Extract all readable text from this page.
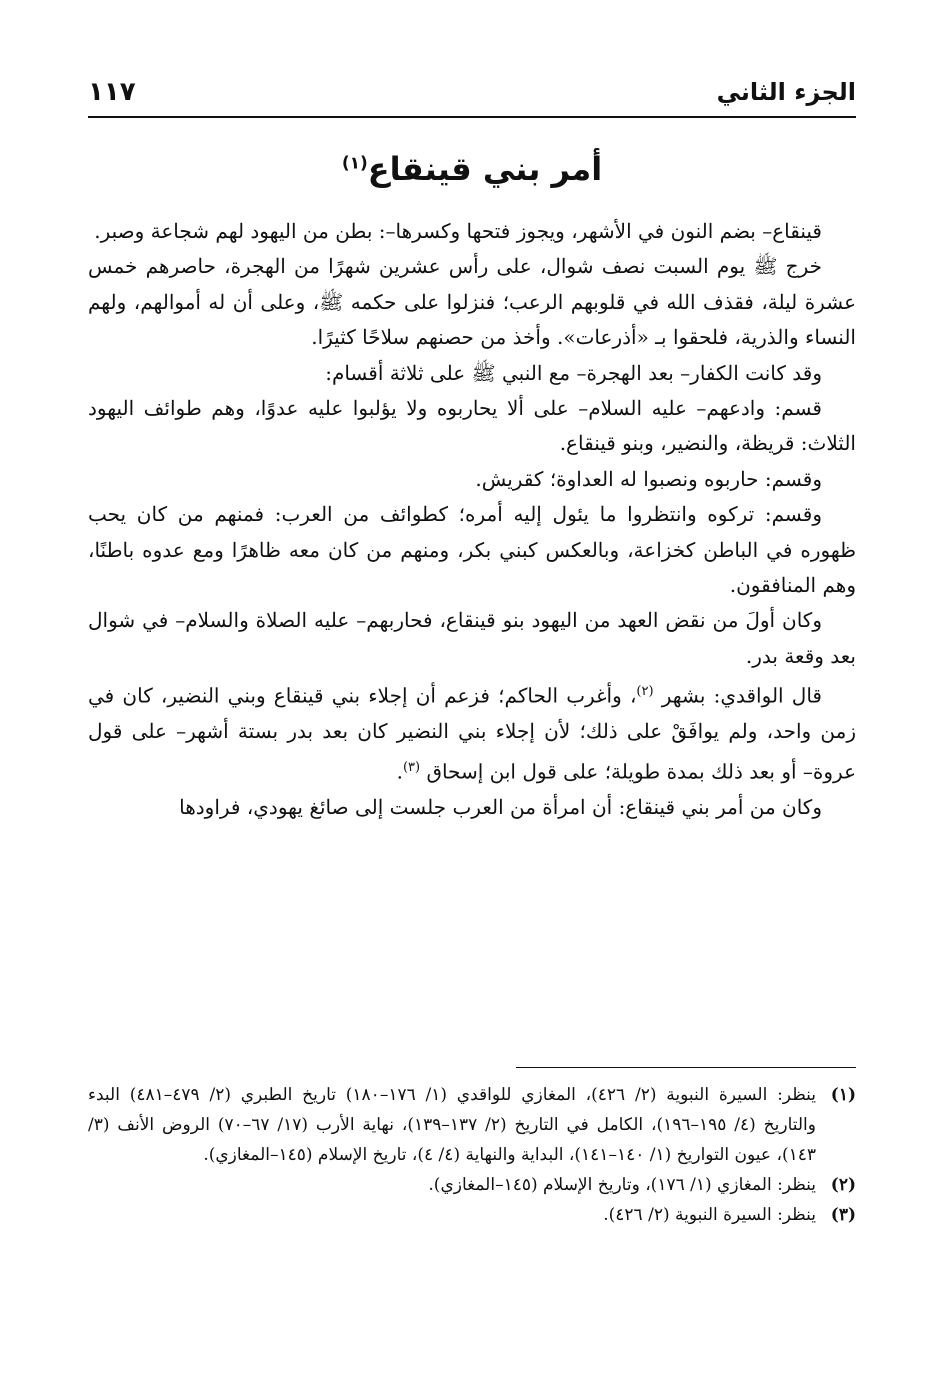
الجزء الثاني
١١٧
أمر بني قينقاع$^{(١)}$

قينقاع– بضم النون في الأشهر، ويجوز فتحها وكسرها–: بطن من اليهود لهم شجاعة وصبر.

خرج ﷺ يوم السبت نصف شوال، على رأس عشرين شهرًا من الهجرة، حاصرهم خمس عشرة ليلة، فقذف الله في قلوبهم الرعب؛ فنزلوا على حكمه ﷺ، وعلى أن له أموالهم، ولهم النساء والذرية، فلحقوا بـ «أذرعات». وأخذ من حصنهم سلاحًا كثيرًا.

وقد كانت الكفار– بعد الهجرة– مع النبي ﷺ على ثلاثة أقسام:

قسم: وادعهم– عليه السلام– على ألا يحاربوه ولا يؤلبوا عليه عدوًا، وهم طوائف اليهود الثلاث: قريظة، والنضير، وبنو قينقاع.

وقسم: حاربوه ونصبوا له العداوة؛ كقريش.

وقسم: تركوه وانتظروا ما يئول إليه أمره؛ كطوائف من العرب: فمنهم من كان يحب ظهوره في الباطن كخزاعة، وبالعكس كبني بكر، ومنهم من كان معه ظاهرًا ومع عدوه باطنًا، وهم المنافقون.

وكان أولَ من نقض العهد من اليهود بنو قينقاع، فحاربهم– عليه الصلاة والسلام– في شوال بعد وقعة بدر.

قال الواقدي: بشهر $^{(٢)}$، وأغرب الحاكم؛ فزعم أن إجلاء بني قينقاع وبني النضير، كان في زمن واحد، ولم يوافَقْ على ذلك؛ لأن إجلاء بني النضير كان بعد بدر بستة أشهر– على قول عروة– أو بعد ذلك بمدة طويلة؛ على قول ابن إسحاق $^{(٣)}$.

وكان من أمر بني قينقاع: أن امرأة من العرب جلست إلى صائغ يهودي، فراودها

(١)
ينظر: السيرة النبوية (٢/ ٤٢٦)، المغازي للواقدي (١/ ١٧٦–١٨٠) تاريخ الطبري (٢/ ٤٧٩–٤٨١) البدء والتاريخ (٤/ ١٩٥–١٩٦)، الكامل في التاريخ (٢/ ١٣٧–١٣٩)، نهاية الأرب (١٧/ ٦٧–٧٠) الروض الأنف (٣/ ١٤٣)، عيون التواريخ (١/ ١٤٠–١٤١)، البداية والنهاية (٤/ ٤)، تاريخ الإسلام (١٤٥–المغازي).
(٢)
ينظر: المغازي (١/ ١٧٦)، وتاريخ الإسلام (١٤٥–المغازي).
(٣)
ينظر: السيرة النبوية (٢/ ٤٢٦).
